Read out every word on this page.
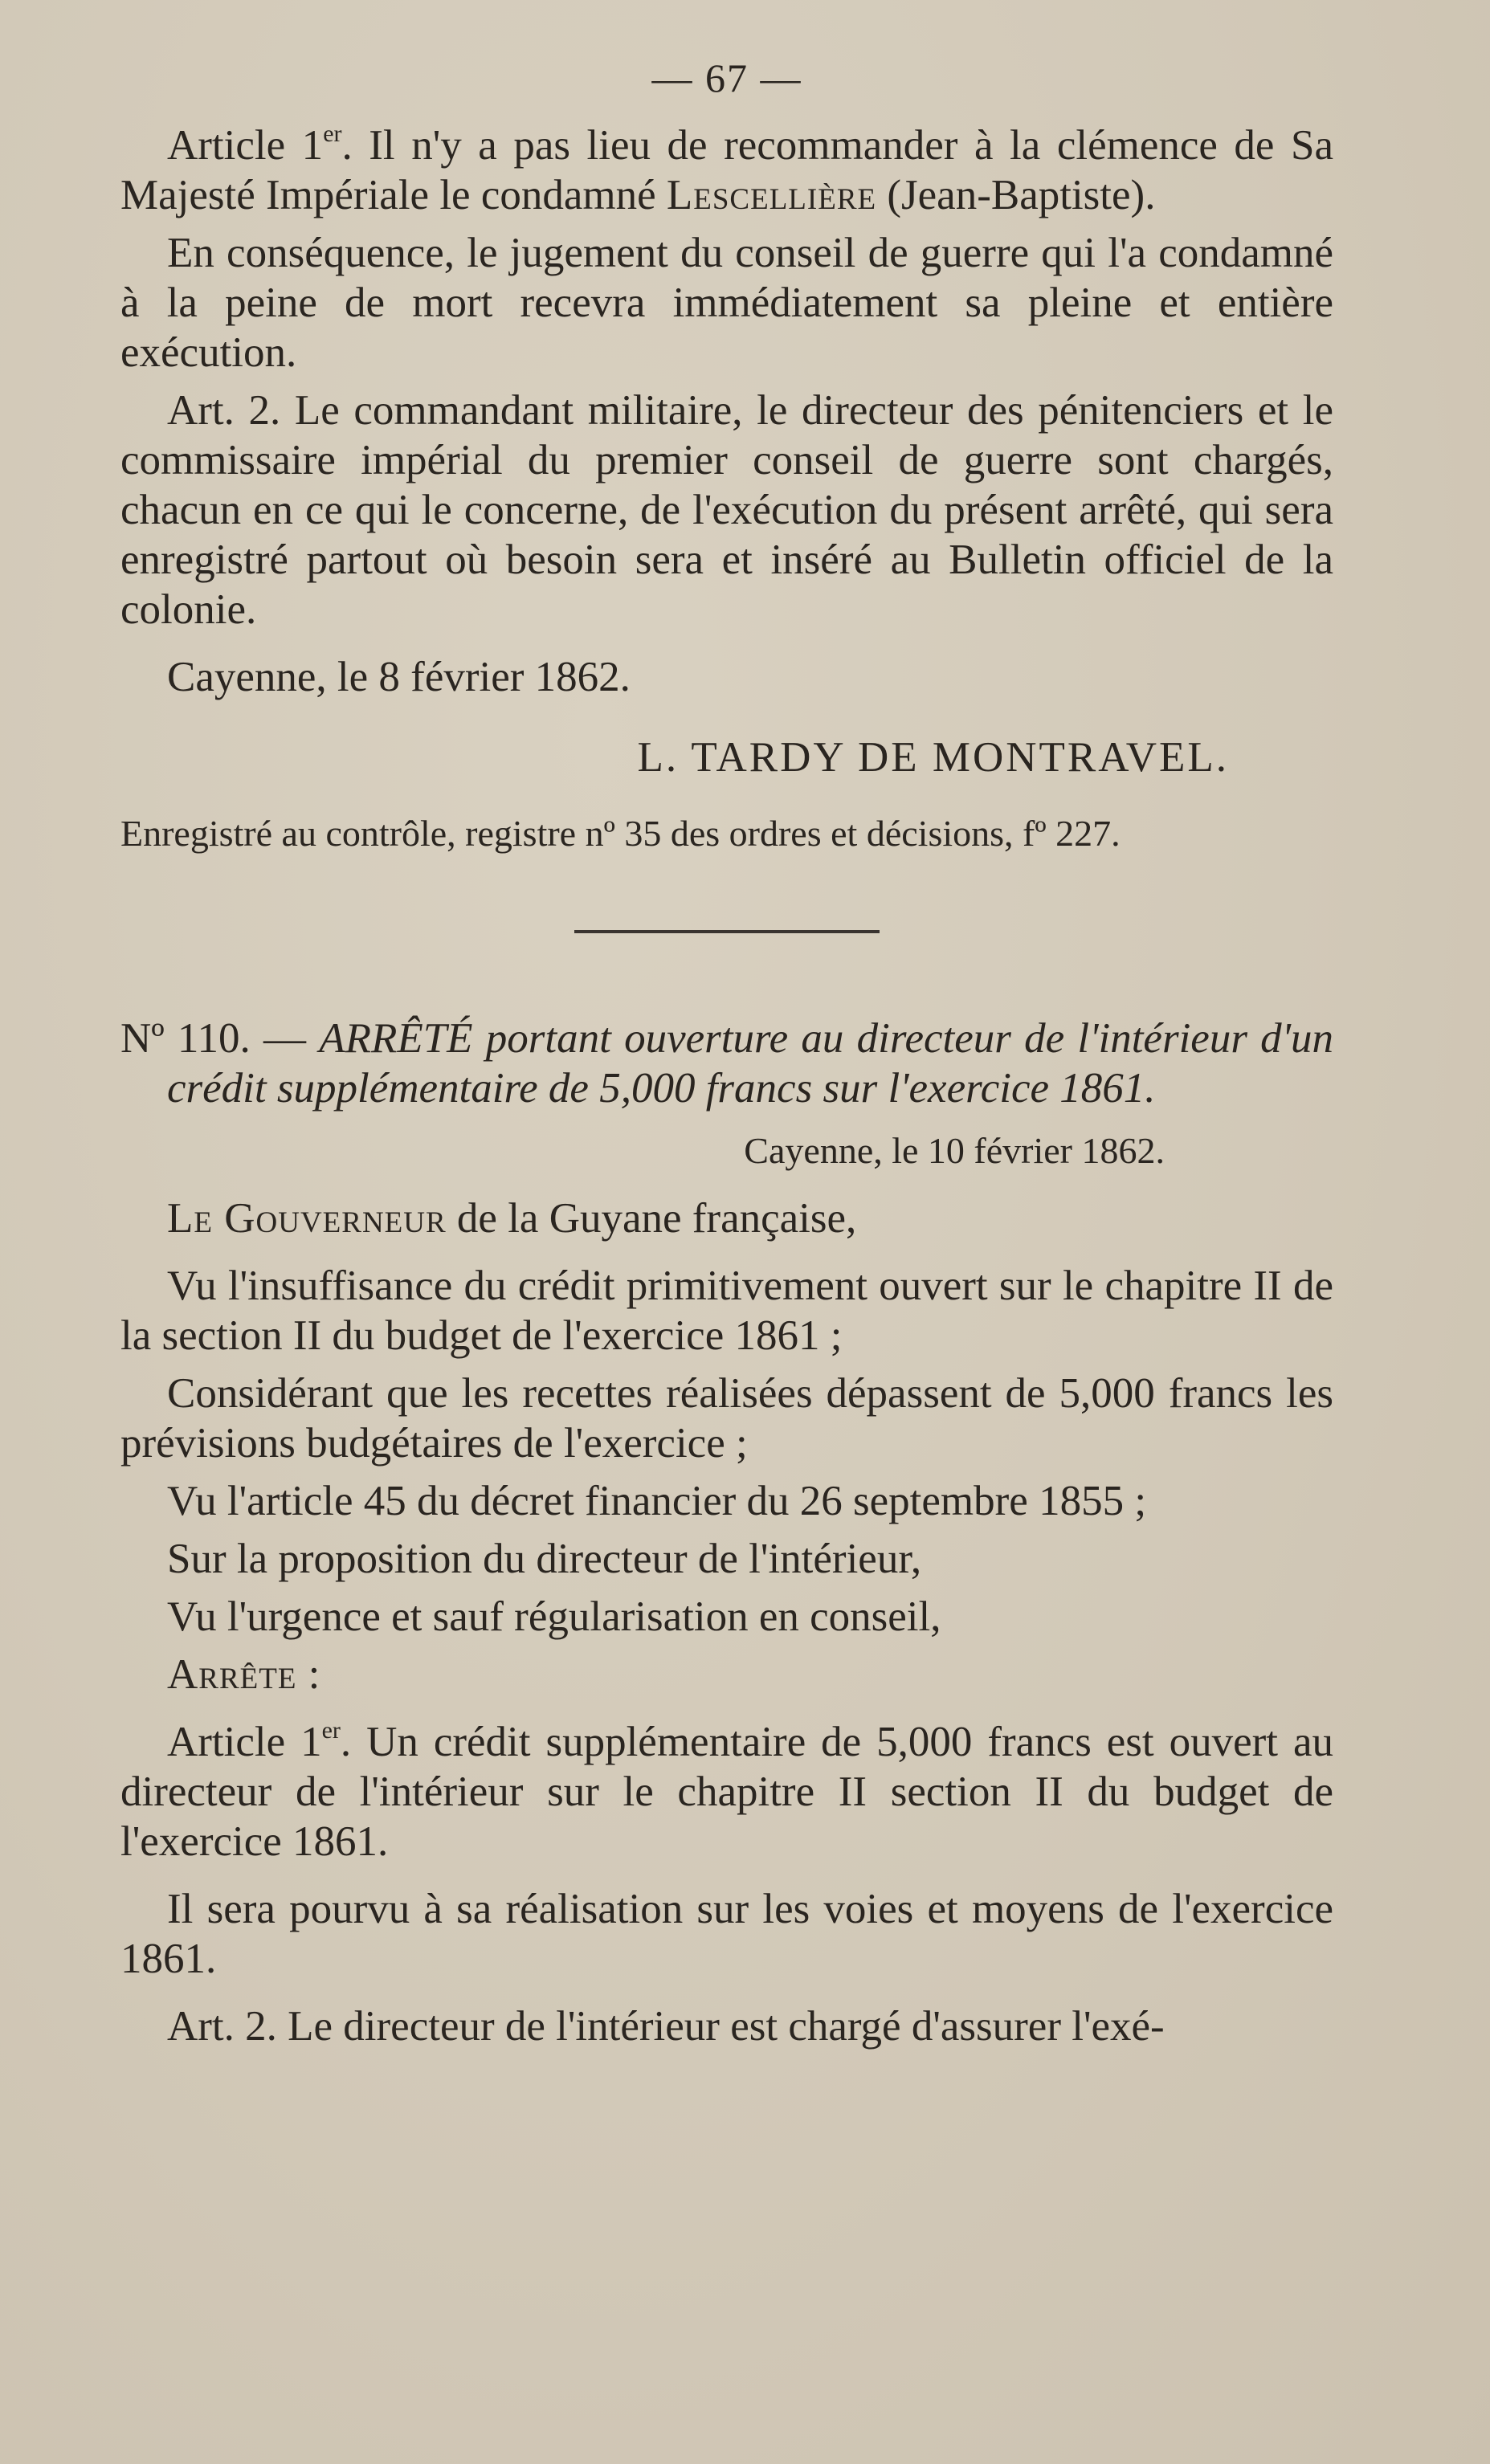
— 67 —

Article 1er. Il n'y a pas lieu de recommander à la clémence de Sa Majesté Impériale le condamné Lescellière (Jean-Baptiste).

En conséquence, le jugement du conseil de guerre qui l'a condamné à la peine de mort recevra immédiatement sa pleine et entière exécution.

Art. 2. Le commandant militaire, le directeur des pénitenciers et le commissaire impérial du premier conseil de guerre sont chargés, chacun en ce qui le concerne, de l'exécution du présent arrêté, qui sera enregistré partout où besoin sera et inséré au Bulletin officiel de la colonie.

Cayenne, le 8 février 1862.

L. TARDY DE MONTRAVEL.

Enregistré au contrôle, registre nº 35 des ordres et décisions, fº 227.

Nº 110. — ARRÊTÉ portant ouverture au directeur de l'intérieur d'un crédit supplémentaire de 5,000 francs sur l'exercice 1861.

Cayenne, le 10 février 1862.

Le Gouverneur de la Guyane française,

Vu l'insuffisance du crédit primitivement ouvert sur le chapitre II de la section II du budget de l'exercice 1861 ;

Considérant que les recettes réalisées dépassent de 5,000 francs les prévisions budgétaires de l'exercice ;

Vu l'article 45 du décret financier du 26 septembre 1855 ;

Sur la proposition du directeur de l'intérieur,

Vu l'urgence et sauf régularisation en conseil,

Arrête :

Article 1er. Un crédit supplémentaire de 5,000 francs est ouvert au directeur de l'intérieur sur le chapitre II section II du budget de l'exercice 1861.

Il sera pourvu à sa réalisation sur les voies et moyens de l'exercice 1861.

Art. 2. Le directeur de l'intérieur est chargé d'assurer l'exé-
